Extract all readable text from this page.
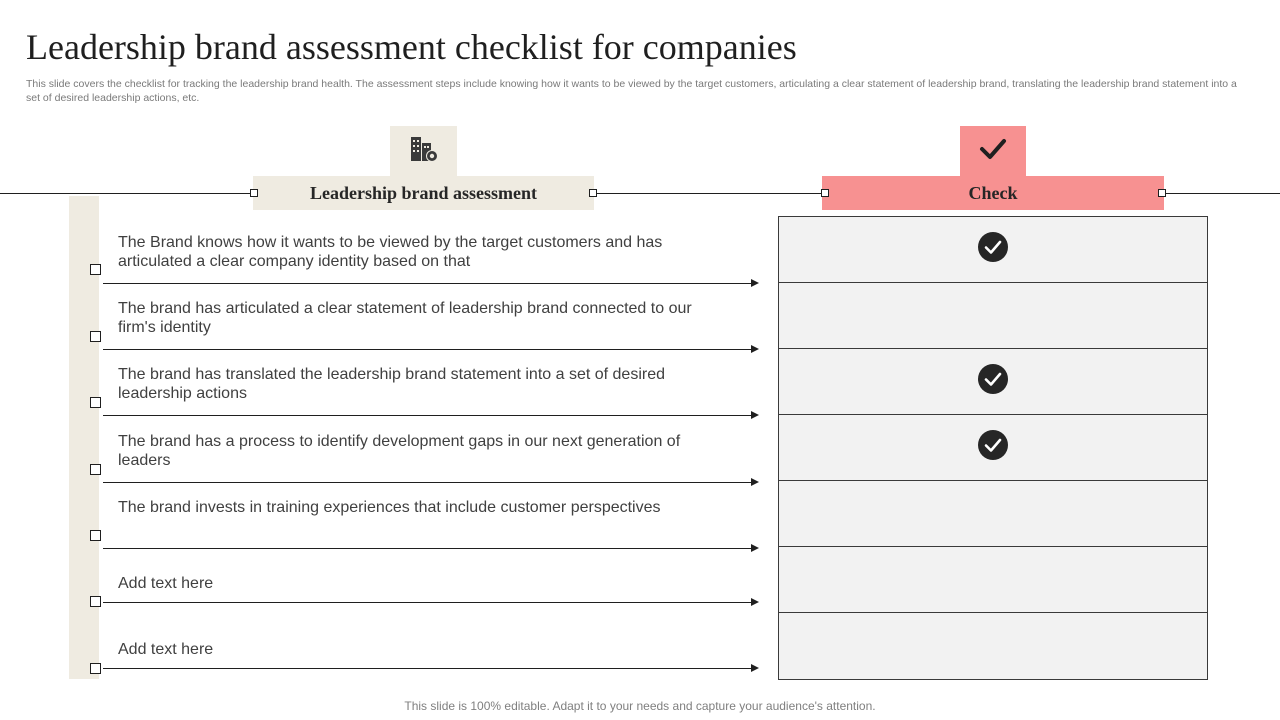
Leadership brand assessment checklist for companies

This slide covers the checklist for tracking the leadership brand health. The assessment steps include knowing how it wants to be viewed by the target customers, articulating a clear statement of leadership brand, translating the leadership brand statement into a set of desired leadership actions, etc.

Leadership brand assessment	Check
The Brand knows how it wants to be viewed by the target customers and has articulated a clear company identity based on that
The brand has articulated a clear statement of leadership brand connected to our firm's identity
The brand has translated the leadership brand statement into a set of desired leadership actions
The brand has a process to identify development gaps in our next generation of leaders
The brand invests in training experiences that include customer perspectives
Add text here
Add text here
This slide is 100% editable. Adapt it to your needs and capture your audience's attention.
